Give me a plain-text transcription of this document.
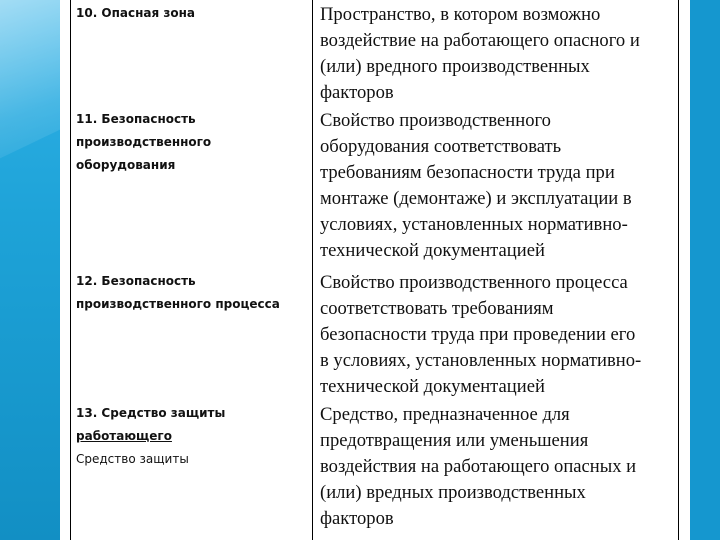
10. Опасная зона	Пространство, в котором возможно
воздействие на работающего опасного и
(или) вредного производственных
факторов
11. Безопасность
производственного
оборудования
Свойство производственного
оборудования соответствовать
требованиям безопасности труда при
монтаже (демонтаже) и эксплуатации в
условиях, установленных нормативно-
технической документацией
12. Безопасность
производственного процесса
Свойство производственного процесса
соответствовать требованиям
безопасности труда при проведении его
в условиях, установленных нормативно-
технической документацией
13. Средство защиты
работающего
Средство защиты
Средство, предназначенное для
предотвращения или уменьшения
воздействия на работающего опасных и
(или) вредных производственных
факторов
